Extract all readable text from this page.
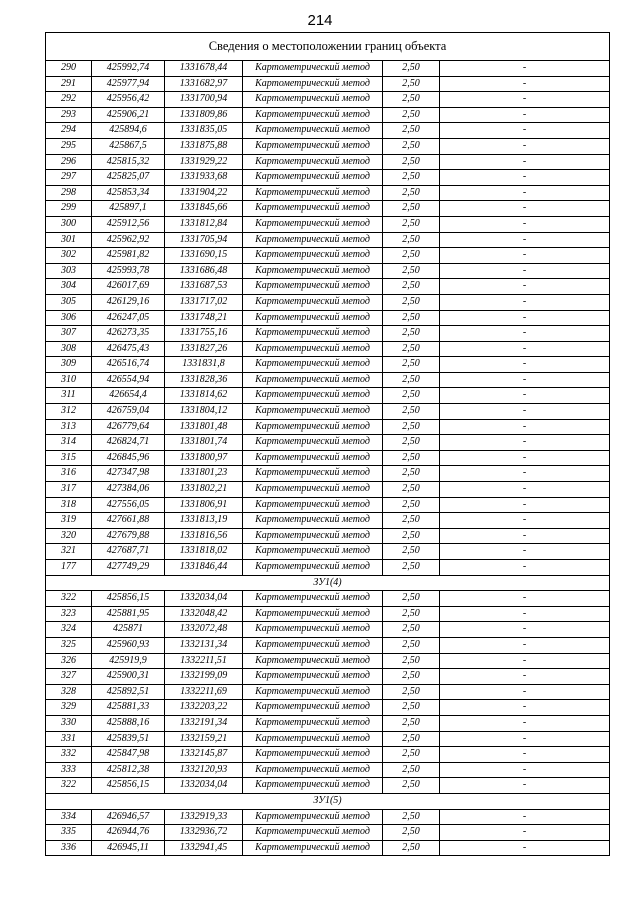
214
Сведения о местоположении границ объекта					
290	425992,74	1331678,44	Картометрический метод	2,50	-
291	425977,94	1331682,97	Картометрический метод	2,50	-
292	425956,42	1331700,94	Картометрический метод	2,50	-
293	425906,21	1331809,86	Картометрический метод	2,50	-
294	425894,6	1331835,05	Картометрический метод	2,50	-
295	425867,5	1331875,88	Картометрический метод	2,50	-
296	425815,32	1331929,22	Картометрический метод	2,50	-
297	425825,07	1331933,68	Картометрический метод	2,50	-
298	425853,34	1331904,22	Картометрический метод	2,50	-
299	425897,1	1331845,66	Картометрический метод	2,50	-
300	425912,56	1331812,84	Картометрический метод	2,50	-
301	425962,92	1331705,94	Картометрический метод	2,50	-
302	425981,82	1331690,15	Картометрический метод	2,50	-
303	425993,78	1331686,48	Картометрический метод	2,50	-
304	426017,69	1331687,53	Картометрический метод	2,50	-
305	426129,16	1331717,02	Картометрический метод	2,50	-
306	426247,05	1331748,21	Картометрический метод	2,50	-
307	426273,35	1331755,16	Картометрический метод	2,50	-
308	426475,43	1331827,26	Картометрический метод	2,50	-
309	426516,74	1331831,8	Картометрический метод	2,50	-
310	426554,94	1331828,36	Картометрический метод	2,50	-
311	426654,4	1331814,62	Картометрический метод	2,50	-
312	426759,04	1331804,12	Картометрический метод	2,50	-
313	426779,64	1331801,48	Картометрический метод	2,50	-
314	426824,71	1331801,74	Картометрический метод	2,50	-
315	426845,96	1331800,97	Картометрический метод	2,50	-
316	427347,98	1331801,23	Картометрический метод	2,50	-
317	427384,06	1331802,21	Картометрический метод	2,50	-
318	427556,05	1331806,91	Картометрический метод	2,50	-
319	427661,88	1331813,19	Картометрический метод	2,50	-
320	427679,88	1331816,56	Картометрический метод	2,50	-
321	427687,71	1331818,02	Картометрический метод	2,50	-
177	427749,29	1331846,44	Картометрический метод	2,50	-
ЗУ1(4)					
322	425856,15	1332034,04	Картометрический метод	2,50	-
323	425881,95	1332048,42	Картометрический метод	2,50	-
324	425871	1332072,48	Картометрический метод	2,50	-
325	425960,93	1332131,34	Картометрический метод	2,50	-
326	425919,9	1332211,51	Картометрический метод	2,50	-
327	425900,31	1332199,09	Картометрический метод	2,50	-
328	425892,51	1332211,69	Картометрический метод	2,50	-
329	425881,33	1332203,22	Картометрический метод	2,50	-
330	425888,16	1332191,34	Картометрический метод	2,50	-
331	425839,51	1332159,21	Картометрический метод	2,50	-
332	425847,98	1332145,87	Картометрический метод	2,50	-
333	425812,38	1332120,93	Картометрический метод	2,50	-
322	425856,15	1332034,04	Картометрический метод	2,50	-
ЗУ1(5)					
334	426946,57	1332919,33	Картометрический метод	2,50	-
335	426944,76	1332936,72	Картометрический метод	2,50	-
336	426945,11	1332941,45	Картометрический метод	2,50	-
